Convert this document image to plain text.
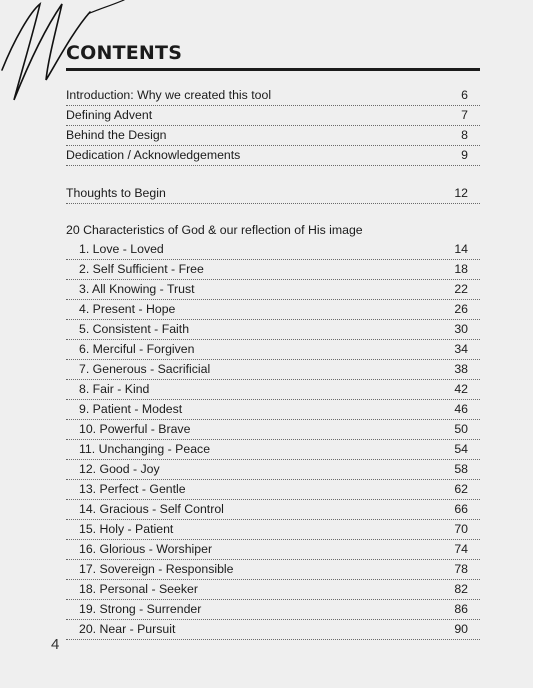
CONTENTS
Introduction: Why we created this tool	6
Defining Advent	7
Behind the Design	8
Dedication / Acknowledgements	9
Thoughts to Begin	12
20 Characteristics of God & our reflection of His image
1. Love - Loved	14
2. Self Sufficient - Free	18
3. All Knowing - Trust	22
4. Present - Hope	26
5. Consistent - Faith	30
6. Merciful - Forgiven	34
7. Generous - Sacrificial	38
8. Fair - Kind	42
9. Patient - Modest	46
10. Powerful - Brave	50
11. Unchanging - Peace	54
12. Good - Joy	58
13. Perfect - Gentle	62
14. Gracious - Self Control	66
15. Holy - Patient	70
16. Glorious - Worshiper	74
17. Sovereign - Responsible	78
18. Personal - Seeker	82
19. Strong - Surrender	86
20. Near - Pursuit	90
4
